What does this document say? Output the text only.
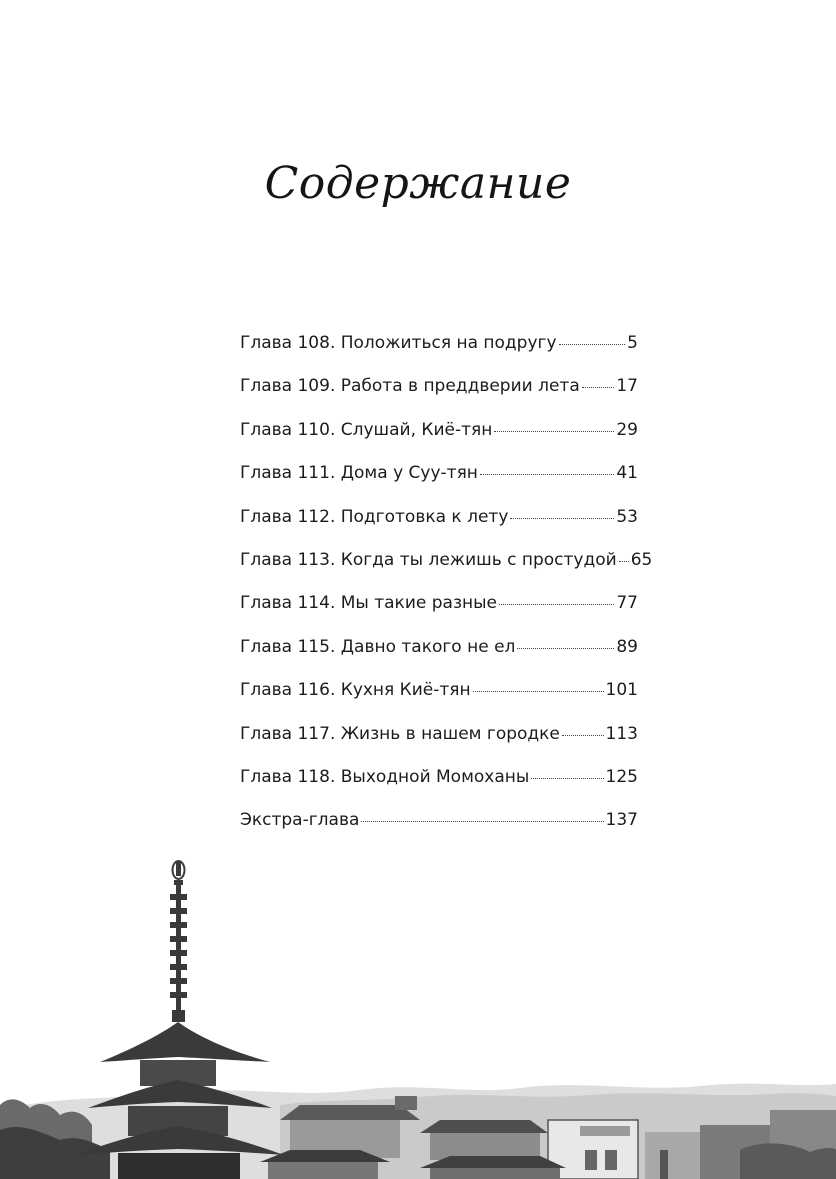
Содержание
Глава 108. Положиться на подругу	5
Глава 109. Работа в преддверии лета 17
Глава 110. Слушай, Киё-тян	29
Глава 111. Дома у Суу-тян	41
Глава 112. Подготовка к лету	53
Глава 113. Когда ты лежишь с простудой 65
Глава 114. Мы такие разные	77
Глава 115. Давно такого не ел	89
Глава 116. Кухня Киё-тян	101
Глава 117. Жизнь в нашем городке	113
Глава 118. Выходной Момоханы	125
Экстра-глава	137
